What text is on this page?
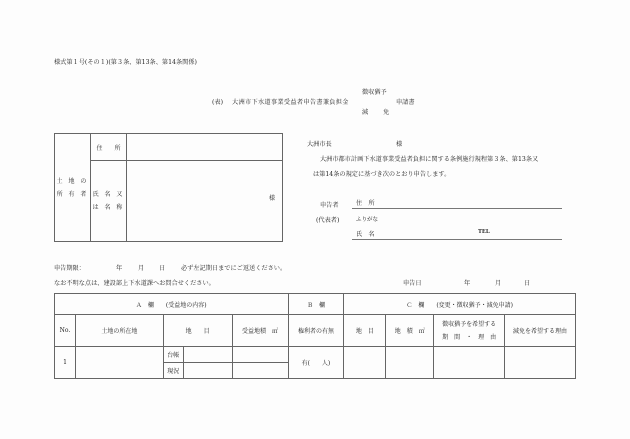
様式第１号(その１)(第３条、第13条、第14条関係)
(表) 大洲市下水道事業受益者申告書兼負担金
徴収猶予
減 免
申請書
土 地 の
所 有 者	住　　所	

	氏 名 又
は 名 称	様
大洲市長	様
大洲市都市計画下水道事業受益者負担に関する条例施行規程第３条、第13条又
は第14条の規定に基づき次のとおり申告します。
申告者
(代表者)
住　所
ふりがな
氏　名	TEL
申告期限：	年	月 日	必ず左記期日までにご返送ください。
なお不明な点は、建設部上下水道課へお問合せください。	申告日	年	月	日
Ａ　欄　　(受益地の内容)					Ｂ　欄	Ｃ　欄　　(変更・徴収猶予・減免申請)			
No.	土地の所在地	地　　目		受益地積　㎡	権利者の有無	地　目	地　積　㎡	徴収猶予を希望する
期　間　・　理　由	減免を希望する理由
1		台帳			有(　　人)				
		現況							
